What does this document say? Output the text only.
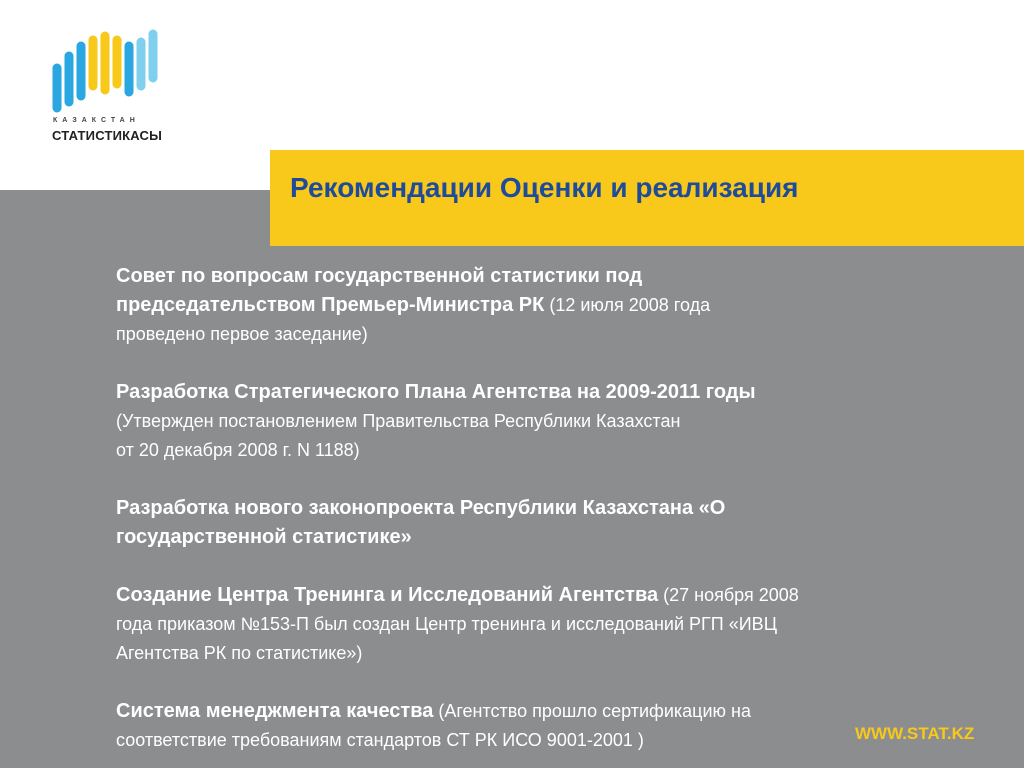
КАЗАКСТАН
СТАТИСТИКАСЫ
Рекомендации Оценки и реализация
Совет по вопросам государственной статистики под
председательством Премьер-Министра РК (12 июля 2008 года
проведено первое заседание)
Разработка Стратегического Плана Агентства на 2009-2011 годы
(Утвержден постановлением Правительства Республики Казахстан
от 20 декабря 2008 г. N 1188)
Разработка нового законопроекта Республики Казахстана «О
государственной статистике»
Создание Центра Тренинга и Исследований Агентства (27 ноября 2008
года приказом №153-П был создан Центр тренинга и исследований РГП «ИВЦ
Агентства РК по статистике»)
Система менеджмента качества (Агентство прошло сертификацию на
соответствие требованиям стандартов СТ РК ИСО 9001-2001 )	WWW.STAT.KZ
